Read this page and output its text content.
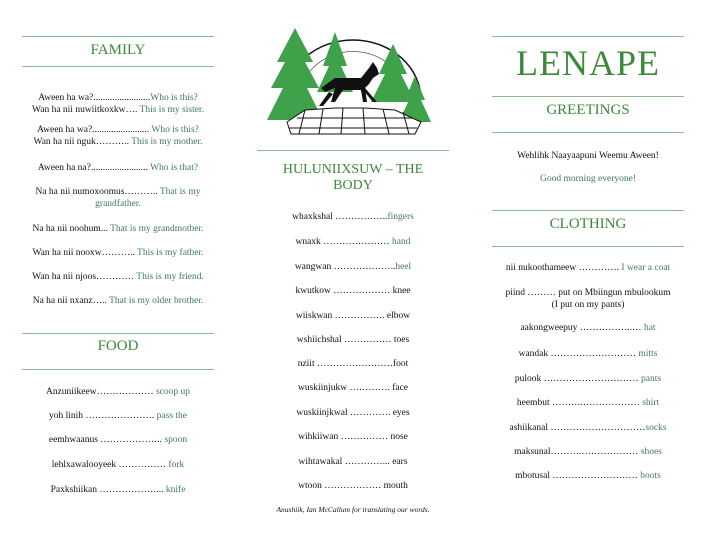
FAMILY

Aween ha wa?........................Who is this?
Wan ha nii nuwiitkoxkw…. This is my sister.

Aween ha wa?........................ Who is this?
Wan ha nii nguk……….. This is my mother.

Aween ha na?........................ Who is that?

Na ha nii numoxoomus……….. That is my grandfather.

Na ha nii noohum... That is my grandmother.

Wan ha nii nooxw……….. This is my father.

Wan ha nii njoos………… This is my friend.

Na ha nii nxanz….. That is my older brother.

FOOD

Anzuniikeew……………… scoop up

yoh linih …………………. pass the

eemhwaanus ……………….. spoon

lehlxawalooyeek …………… fork

Paxkshiikan ………………... knife

HULUNIIXSUW – THE BODY

whaxkshal ……………..fingers

wnaxk ………………… hand

wangwan ………………..heel

kwutkow ……………… knee

wiiskwan ……………. elbow

wshiichshal …………… toes

nziit ……………………foot

wuskiinjukw …………. face

wuskiinjkwal …………. eyes

wihkiiwan …………… nose

wihtawakal …………... ears

wtoon ……………… mouth

Anushiik, Ian McCallum for translating our words.

LENAPE
GREETINGS

Wehlihk Naayaapuni Weemu Aween!

Good morning everyone!

CLOTHING

nii nukoothameew …………. I wear a coat

piind ……… put on Mbiingun mbulookum
(I put on my pants)

aakongweepuy ……………..… hat

wandak ……………………… mitts

pulook ………………………… pants

heembut ……….……………… shirt

ashiikanal …………………………socks

maksunal……….……………… shoes

mbotusal ……………………… boots
